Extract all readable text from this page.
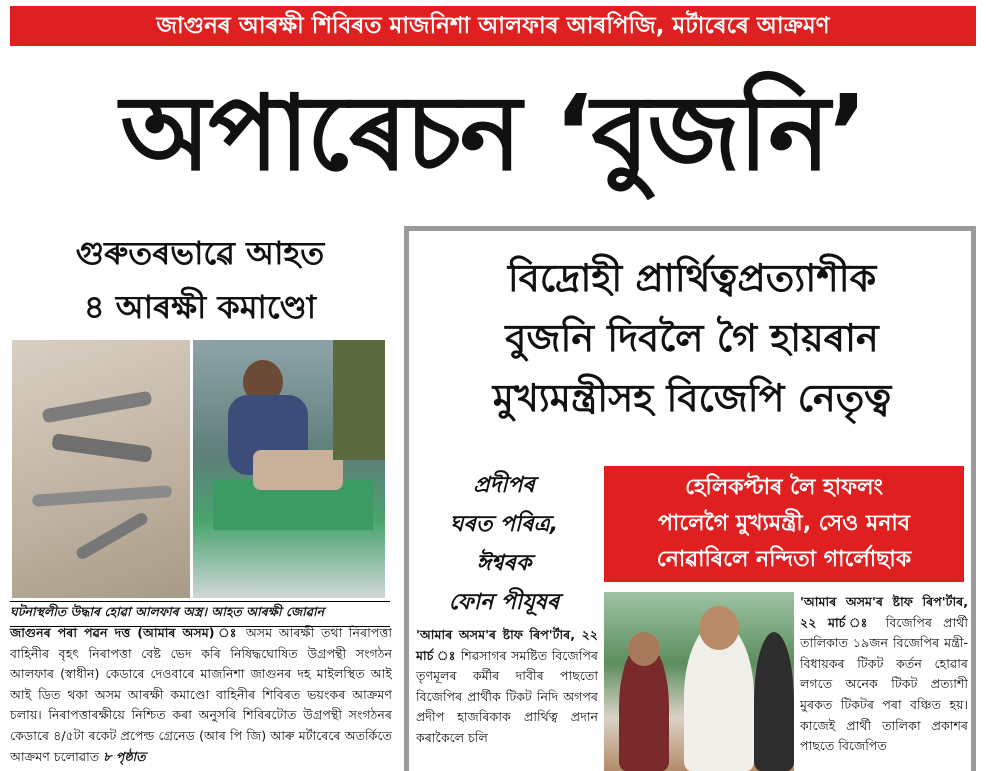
জাগুনৰ আৰক্ষী শিবিৰত মাজনিশা আলফাৰ আৰপিজি, মৰ্টাৰেৰে আক্ৰমণ
অপাৰেচন ‘বুজনি’
গুৰুতৰভাৱে আহত
৪ আৰক্ষী কমাণ্ডো
ঘটনাস্থলীত উদ্ধাৰ হোৱা আলফাৰ অস্ত্ৰ। আহত আৰক্ষী জোৱান
জাগুনৰ পৰা পৱন দত্ত (আমাৰ অসম) ঃ অসম আৰক্ষী তথা নিৰাপত্তা বাহিনীৰ বৃহৎ নিৰাপত্তা বেষ্ট ভেদ কৰি নিষিদ্ধঘোষিত উগ্ৰপন্থী সংগঠন আলফাৰ (স্বাধীন) কেডাৰে দেওবাৰে মাজনিশা জাগুনৰ দহ মাইলস্থিত আই আই ডিত থকা অসম আৰক্ষী কমাণ্ডো বাহিনীৰ শিবিৰত ভয়ংকৰ আক্ৰমণ চলায়। নিৰাপত্তাৰক্ষীয়ে নিশ্চিত কৰা অনুসৰি শিবিৰটোত উগ্ৰপন্থী সংগঠনৰ কেডাৰে ৪/৫টা ৰকেট প্ৰপেল্ড গ্ৰেনেড (আৰ পি জি) আৰু মৰ্টাৰেৰে অতৰ্কিতে আক্ৰমণ চলোৱাত ৮ পৃষ্ঠাত
বিদ্ৰোহী প্ৰাৰ্থিত্বপ্ৰত্যাশীক
বুজনি দিবলৈ গৈ হায়ৰান
মুখ্যমন্ত্ৰীসহ বিজেপি নেতৃত্ব
প্ৰদীপৰ
ঘৰত পৰিত্ৰ,
ঈশ্বৰক
ফোন পীযূষৰ
হেলিকপ্টাৰ লৈ হাফলং
পালেগৈ মুখ্যমন্ত্ৰী, সেও মনাব
নোৱাৰিলে নন্দিতা গাৰ্লোছাক
'আমাৰ অসম'ৰ ষ্টাফ ৰিপ'ৰ্টাৰ, ২২ মাৰ্চ ঃ শিৱসাগৰ সমষ্টিত বিজেপিৰ তৃণমূলৰ কৰ্মীৰ দাবীৰ পাছতো বিজেপিৰ প্ৰাৰ্থীক টিকট নিদি অগপৰ প্ৰদীপ হাজৰিকাক প্ৰাৰ্থিত্ব প্ৰদান কৰাকৈলে চলি
'আমাৰ অসম'ৰ ষ্টাফ ৰিপ'ৰ্টাৰ, ২২ মাৰ্চ ঃ বিজেপিৰ প্ৰাৰ্থী তালিকাত ১৯জন বিজেপিৰ মন্ত্ৰী-বিধায়কৰ টিকট কৰ্তন হোৱাৰ লগতে অনেক টিকট প্ৰত্যাশী মুৰকত টিকটৰ পৰা বঞ্চিত হয়। কাজেই প্ৰাৰ্থী তালিকা প্ৰকাশৰ পাছতে বিজেপিত
